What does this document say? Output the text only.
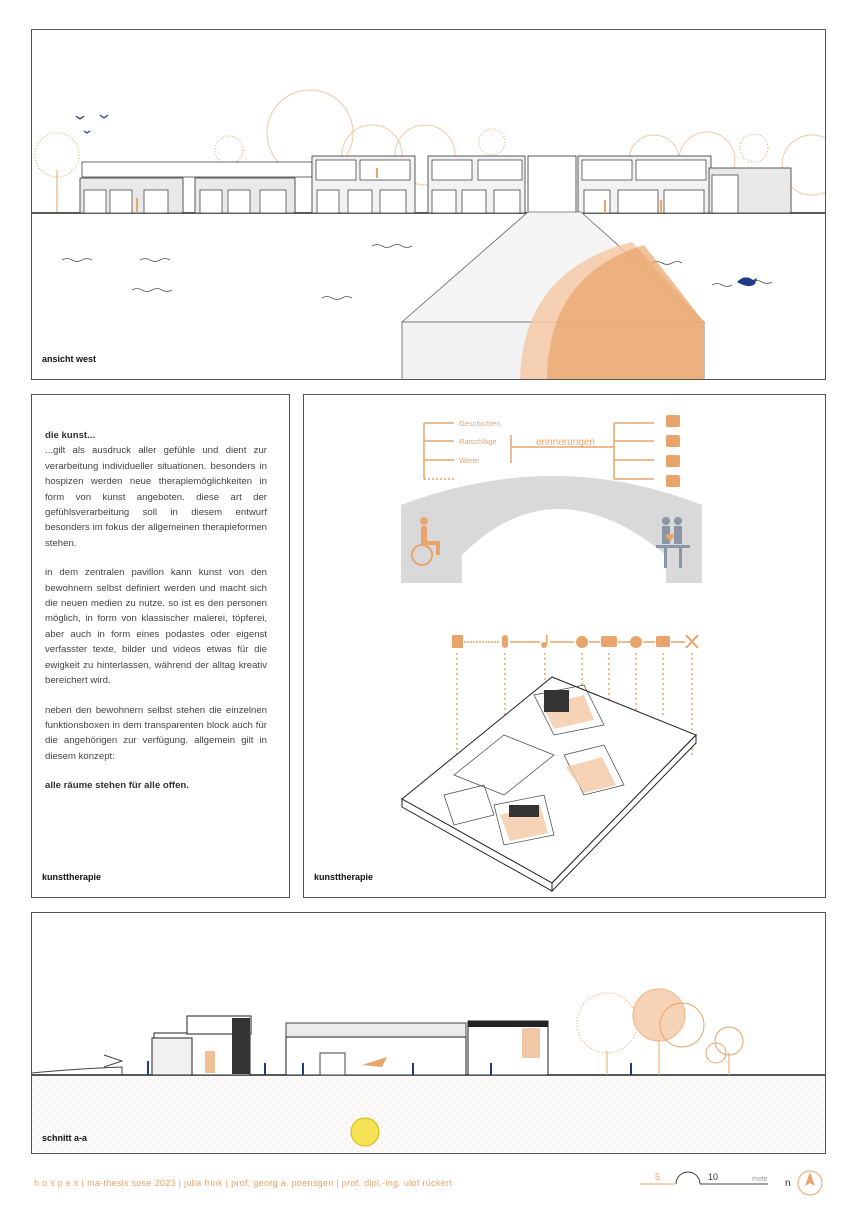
ansicht west

die kunst...

...gilt als ausdruck aller gefühle und dient zur verarbeitung individueller situationen. besonders in hospizen werden neue therapiemöglichkeiten in form von kunst angeboten. diese art der gefühlsverarbeitung soll in diesem entwurf besonders im fokus der allgemeinen therapieformen stehen.

in dem zentralen pavillon kann kunst von den bewohnern selbst definiert werden und macht sich die neuen medien zu nutze. so ist es den personen möglich, in form von klassischer malerei, töpferei, aber auch in form eines podastes oder eigenst verfasster texte, bilder und videos etwas für die ewigkeit zu hinterlassen, während der alltag kreativ bereichert wird.

neben den bewohnern selbst stehen die einzelnen funktionsboxen in dem transparenten block auch für die angehörigen zur verfügung. allgemein gilt in diesem konzept:

alle räume stehen für alle offen.

kunsttherapie
Geschichten
Ratschläge
Werte
erinnerungen
kunsttherapie
schnitt a-a
h o s p e s | ma-thesis sose 2023 | julia frink | prof. georg a. poensgen | prof. dipl.-ing. ulof rückert
5	10	mete n
